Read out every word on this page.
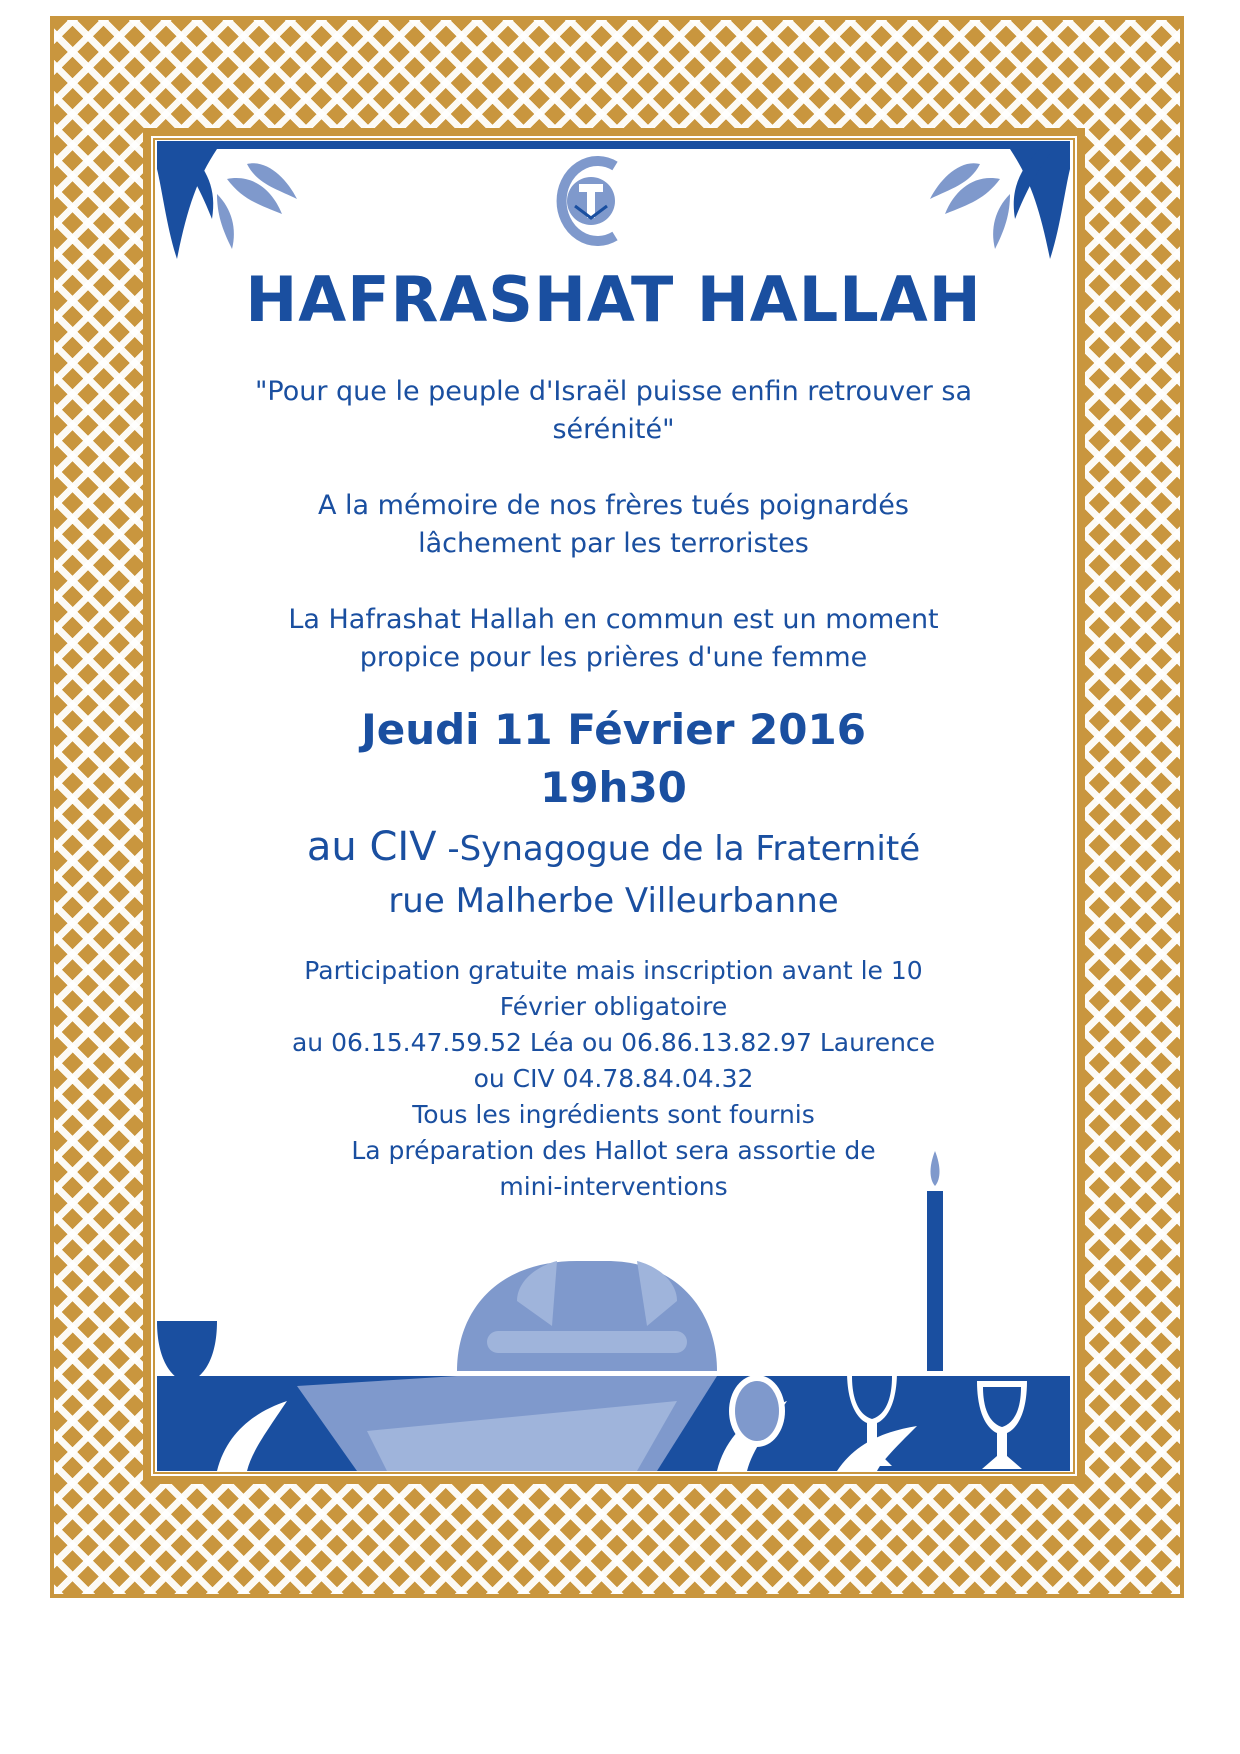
HAFRASHAT HALLAH
"Pour que le peuple d'Israël puisse enfin retrouver sa
sérénité"
A la mémoire de nos frères tués poignardés
lâchement par les terroristes
La Hafrashat Hallah en commun est un moment
propice pour les prières d'une femme
Jeudi 11 Février 2016
19h30
au CIV -Synagogue de la Fraternité
rue Malherbe Villeurbanne
Participation gratuite mais inscription avant le 10
Février obligatoire
au 06.15.47.59.52 Léa ou 06.86.13.82.97 Laurence
ou CIV 04.78.84.04.32
Tous les ingrédients sont fournis
La préparation des Hallot sera assortie de
mini-interventions
